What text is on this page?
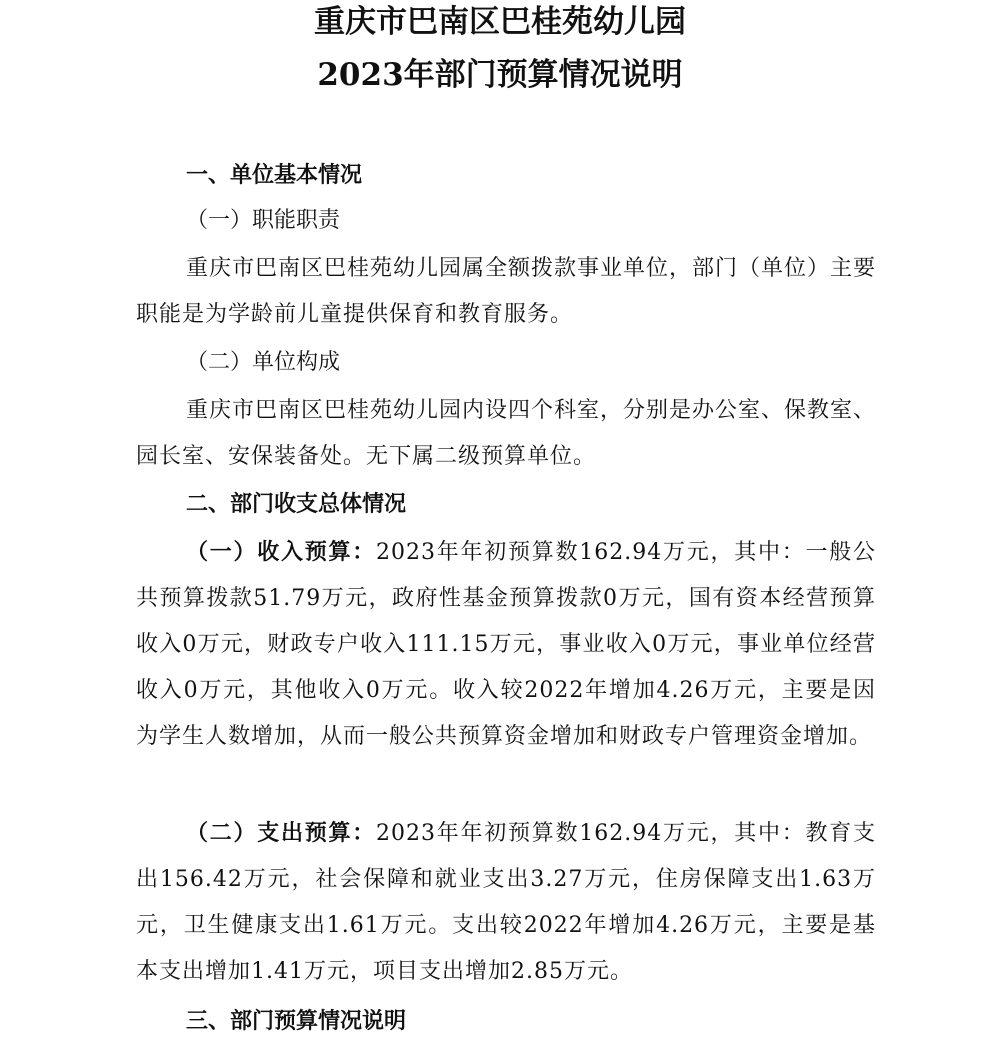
重庆市巴南区巴桂苑幼儿园
2023年部门预算情况说明
一、单位基本情况
（一）职能职责
重庆市巴南区巴桂苑幼儿园属全额拨款事业单位，部门（单位）主要职能是为学龄前儿童提供保育和教育服务。
（二）单位构成
重庆市巴南区巴桂苑幼儿园内设四个科室，分别是办公室、保教室、园长室、安保装备处。无下属二级预算单位。
二、部门收支总体情况
（一）收入预算：2023年年初预算数162.94万元，其中：一般公共预算拨款51.79万元，政府性基金预算拨款0万元，国有资本经营预算收入0万元，财政专户收入111.15万元，事业收入0万元，事业单位经营收入0万元，其他收入0万元。收入较2022年增加4.26万元，主要是因为学生人数增加，从而一般公共预算资金增加和财政专户管理资金增加。
（二）支出预算：2023年年初预算数162.94万元，其中：教育支出156.42万元，社会保障和就业支出3.27万元，住房保障支出1.63万元，卫生健康支出1.61万元。支出较2022年增加4.26万元，主要是基本支出增加1.41万元，项目支出增加2.85万元。
三、部门预算情况说明
